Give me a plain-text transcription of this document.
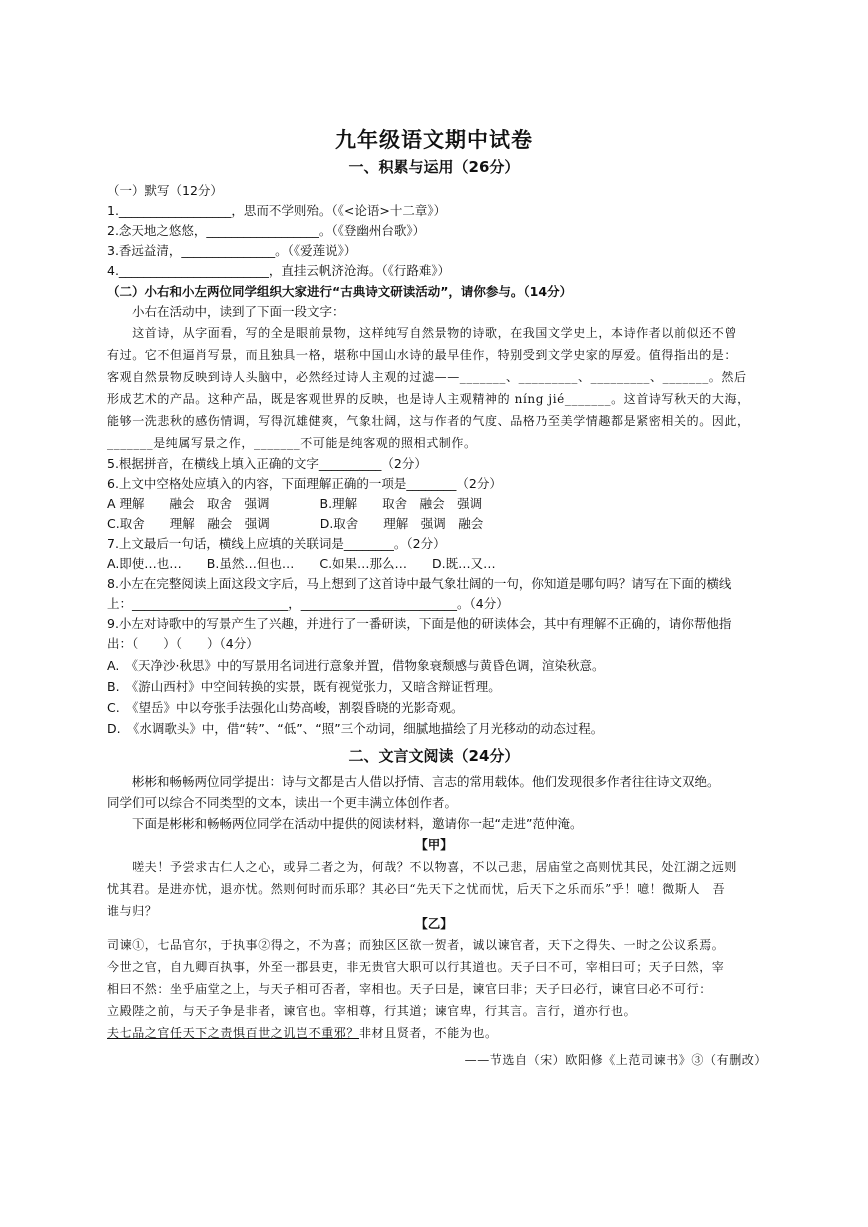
九年级语文期中试卷
一、积累与运用（26分）
（一）默写（12分）
1.__________________，思而不学则殆。（《<论语>十二章》）
2.念天地之悠悠，__________________。（《登幽州台歌》）
3.香远益清，_______________。（《爱莲说》）
4.________________________，直挂云帆济沧海。（《行路难》）
（二）小右和小左两位同学组织大家进行“古典诗文研读活动”，请你参与。（14分）
　　小右在活动中，读到了下面一段文字：
　　这首诗，从字面看，写的全是眼前景物，这样纯写自然景物的诗歌，在我国文学史上，本诗作者以前似还不曾
有过。它不但逼肖写景，而且独具一格，堪称中国山水诗的最早佳作，特别受到文学史家的厚爱。值得指出的是：
客观自然景物反映到诗人头脑中，必然经过诗人主观的过滤——_______、_________、_________、_______。然后
形成艺术的产品。这种产品，既是客观世界的反映，也是诗人主观精神的 níng jié_______。这首诗写秋天的大海，
能够一洗悲秋的感伤情调，写得沉雄健爽，气象壮阔，这与作者的气度、品格乃至美学情趣都是紧密相关的。因此，
_______是纯属写景之作，_______不可能是纯客观的照相式制作。
5.根据拼音，在横线上填入正确的文字__________（2分）
6.上文中空格处应填入的内容，下面理解正确的一项是________（2分）
A 理解　　融会　取舍　强调　　　　B.理解　　取舍　融会　强调
C.取舍　　理解　融会　强调　　　　D.取舍　　理解　强调　融会
7.上文最后一句话，横线上应填的关联词是________。（2分）
A.即使…也…　　B.虽然…但也…　　C.如果…那么…　　D.既…又…
8.小左在完整阅读上面这段文字后，马上想到了这首诗中最气象壮阔的一句，你知道是哪句吗？请写在下面的横线
上：_________________________，_________________________。（4分）
9.小左对诗歌中的写景产生了兴趣，并进行了一番研读，下面是他的研读体会，其中有理解不正确的，请你帮他指
出：（　　）（　　）（4分）
A.　《天净沙·秋思》中的写景用名词进行意象并置，借物象衰颓感与黄昏色调，渲染秋意。
B.　《游山西村》中空间转换的实景，既有视觉张力，又暗含辩证哲理。
C.　《望岳》中以夸张手法强化山势高峻，割裂昏晓的光影奇观。
D.　《水调歌头》中，借“转”、“低”、“照”三个动词，细腻地描绘了月光移动的动态过程。
二、文言文阅读（24分）
　　彬彬和畅畅两位同学提出：诗与文都是古人借以抒情、言志的常用载体。他们发现很多作者往往诗文双绝。
同学们可以综合不同类型的文本，读出一个更丰满立体创作者。
　　下面是彬彬和畅畅两位同学在活动中提供的阅读材料，邀请你一起“走进”范仲淹。
【甲】
　　嗟夫！予尝求古仁人之心，或异二者之为，何哉？不以物喜，不以己悲，居庙堂之高则忧其民，处江湖之远则
忧其君。是进亦忧，退亦忧。然则何时而乐耶？其必曰“先天下之忧而忧，后天下之乐而乐”乎！噫！微斯人　吾
谁与归？
【乙】
司谏①，七品官尔，于执事②得之，不为喜；而独区区欲一贺者，诚以谏官者，天下之得失、一时之公议系焉。
今世之官，自九卿百执事，外至一郡县吏，非无贵官大职可以行其道也。天子曰不可，宰相曰可；天子曰然，宰
相曰不然：坐乎庙堂之上，与天子相可否者，宰相也。天子曰是，谏官曰非；天子曰必行，谏官曰必不可行：
立殿陛之前，与天子争是非者，谏官也。宰相尊，行其道；谏官卑，行其言。言行，道亦行也。
夫七品之官任天下之责惧百世之讥岂不重邪？非材且贤者，不能为也。
——节选自（宋）欧阳修《上范司谏书》③（有删改）
